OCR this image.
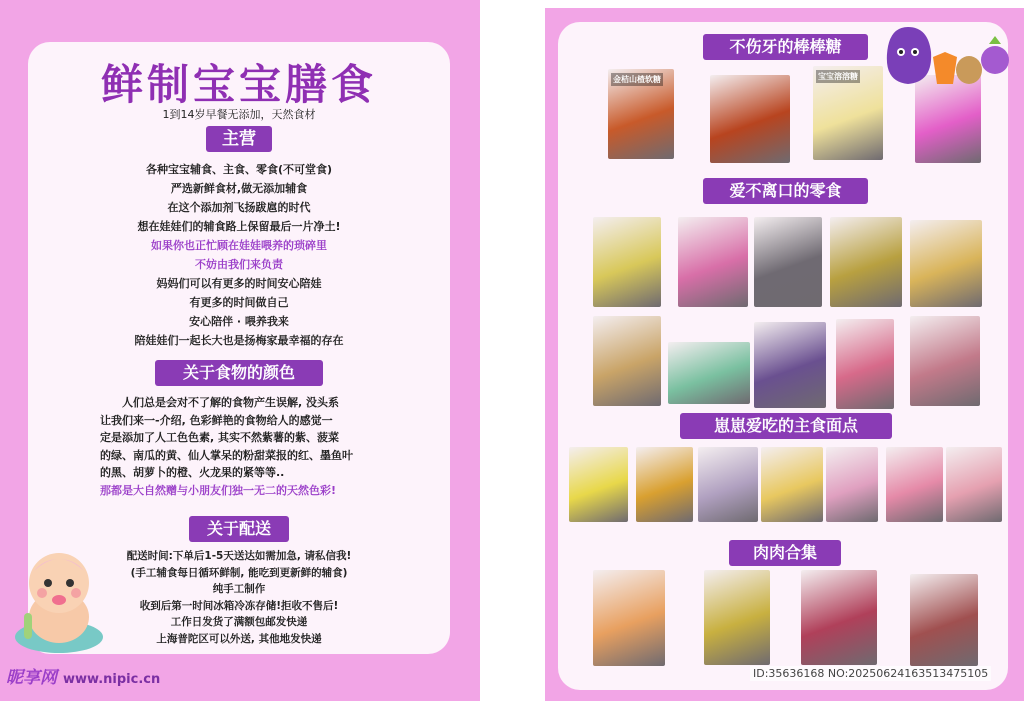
鲜制宝宝膳食
1到14岁早餐无添加，天然食材
主营
各种宝宝辅食、主食、零食(不可堂食)
严选新鲜食材,做无添加辅食
在这个添加剂飞扬跋扈的时代
想在娃娃们的辅食路上保留最后一片净土!
如果你也正忙顾在娃娃喂养的琐碎里
不妨由我们来负责
妈妈们可以有更多的时间安心陪娃
有更多的时间做自己
安心陪伴 · 喂养我来
陪娃娃们一起长大也是扬梅家最幸福的存在
关于食物的颜色
　　人们总是会对不了解的食物产生误解, 没头系
让我们来一-介绍, 色彩鲜艳的食物给人的感觉一
定是添加了人工色色素, 其实不然紫薯的紫、菠菜
的绿、南瓜的黄、仙人掌呆的粉甜菜报的红、墨鱼叶
的黑、胡萝卜的橙、火龙果的紧等等..
那都是大自然赠与小朋友们独一无二的天然色彩!
关于配送
配送时间:下单后1-5天送达如需加急, 请私信我!
(手工辅食每日循环鲜制, 能吃到更新鲜的辅食)
纯手工制作
收到后第一时间冰箱冷冻存储!拒收不售后!
工作日发货了满额包邮发快递
上海普陀区可以外送, 其他地发快递
昵享网 www.nipic.cn
不伤牙的棒棒糖
爱不离口的零食
崽崽爱吃的主食面点
肉肉合集
金桔山楂软糖	宝宝溶溶糖
ID:35636168 NO:20250624163513475105
